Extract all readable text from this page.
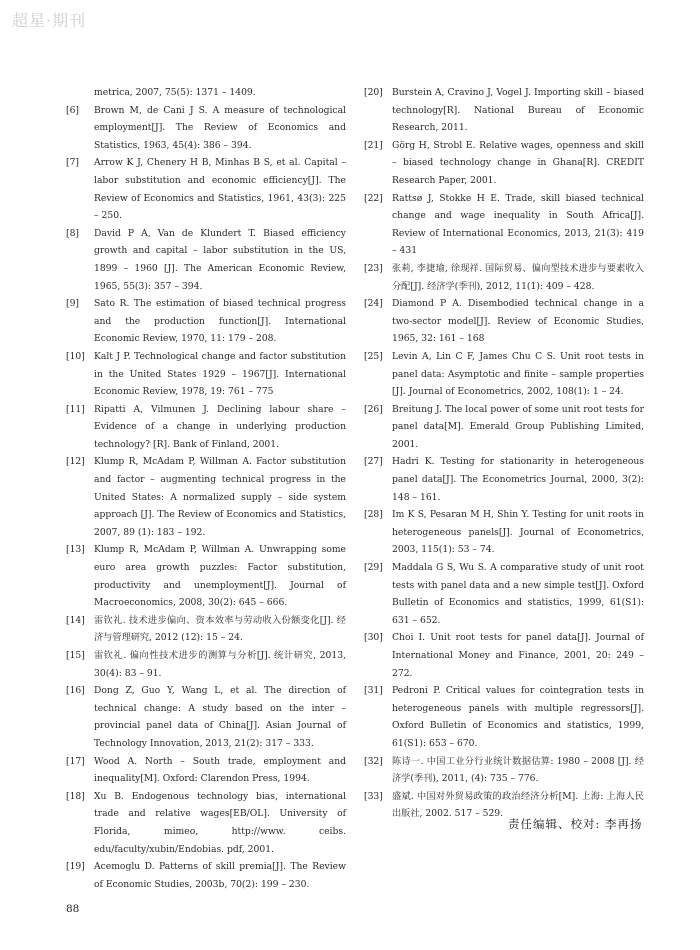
超星·期刊
metrica, 2007, 75(5): 1371 – 1409.
[6]	Brown M, de Cani J S. A measure of technological employment[J]. The Review of Economics and Statistics, 1963, 45(4): 386 – 394.
[7]	Arrow K J, Chenery H B, Minhas B S, et al. Capital – labor substitution and economic efficiency[J]. The Review of Economics and Statistics, 1961, 43(3): 225 – 250.
[8]	David P A, Van de Klundert T. Biased efficiency growth and capital – labor substitution in the US, 1899 – 1960 [J]. The American Economic Review, 1965, 55(3): 357 – 394.
[9]	Sato R. The estimation of biased technical progress and the production function[J]. International Economic Review, 1970, 11: 179 – 208.
[10] Kalt J P. Technological change and factor substitution in the United States 1929 – 1967[J]. International Economic Review, 1978, 19: 761 – 775
[11] Ripatti A, Vilmunen J. Declining labour share – Evidence of a change in underlying production technology? [R]. Bank of Finland, 2001.
[12] Klump R, McAdam P, Willman A. Factor substitution and factor – augmenting technical progress in the United States: A normalized supply – side system approach [J]. The Review of Economics and Statistics, 2007, 89 (1): 183 – 192.
[13] Klump R, McAdam P, Willman A. Unwrapping some euro area growth puzzles: Factor substitution, productivity and unemployment[J]. Journal of Macroeconomics, 2008, 30(2): 645 – 666.
[14] 雷钦礼. 技术进步偏向、资本效率与劳动收入份额变化[J]. 经济与管理研究, 2012 (12): 15 – 24.
[15] 雷钦礼. 偏向性技术进步的测算与分析[J]. 统计研究, 2013, 30(4): 83 – 91.
[16] Dong Z, Guo Y, Wang L, et al. The direction of technical change: A study based on the inter – provincial panel data of China[J]. Asian Journal of Technology Innovation, 2013, 21(2): 317 – 333.
[17] Wood A. North – South trade, employment and inequality[M]. Oxford: Clarendon Press, 1994.
[18] Xu B. Endogenous technology bias, international trade and relative wages[EB/OL]. University of Florida, mimeo, http://www. ceibs. edu/faculty/xubin/Endobias. pdf, 2001.
[19] Acemoglu D. Patterns of skill premia[J]. The Review of Economic Studies, 2003b, 70(2): 199 – 230.
[20] Burstein A, Cravino J, Vogel J. Importing skill – biased technology[R]. National Bureau of Economic Research, 2011.
[21] Görg H, Strobl E. Relative wages, openness and skill – biased technology change in Ghana[R]. CREDIT Research Paper, 2001.
[22] Rattsø J, Stokke H E. Trade, skill biased technical change and wage inequality in South Africa[J]. Review of International Economics, 2013, 21(3): 419 – 431
[23] 张莉, 李捷瑜, 徐现祥. 国际贸易、偏向型技术进步与要素收入分配[J]. 经济学(季刊), 2012, 11(1): 409 – 428.
[24] Diamond P A. Disembodied technical change in a two-sector model[J]. Review of Economic Studies, 1965, 32: 161 – 168
[25] Levin A, Lin C F, James Chu C S. Unit root tests in panel data: Asymptotic and finite – sample properties [J]. Journal of Econometrics, 2002, 108(1): 1 – 24.
[26] Breitung J. The local power of some unit root tests for panel data[M]. Emerald Group Publishing Limited, 2001.
[27] Hadri K. Testing for stationarity in heterogeneous panel data[J]. The Econometrics Journal, 2000, 3(2): 148 – 161.
[28] Im K S, Pesaran M H, Shin Y. Testing for unit roots in heterogeneous panels[J]. Journal of Econometrics, 2003, 115(1): 53 – 74.
[29] Maddala G S, Wu S. A comparative study of unit root tests with panel data and a new simple test[J]. Oxford Bulletin of Economics and statistics, 1999, 61(S1): 631 – 652.
[30] Choi I. Unit root tests for panel data[J]. Journal of International Money and Finance, 2001, 20: 249 – 272.
[31] Pedroni P. Critical values for cointegration tests in heterogeneous panels with multiple regressors[J]. Oxford Bulletin of Economics and statistics, 1999, 61(S1): 653 – 670.
[32] 陈诗一. 中国工业分行业统计数据估算: 1980 – 2008 [J]. 经济学(季刊), 2011, (4): 735 – 776.
[33] 盛斌. 中国对外贸易政策的政治经济分析[M]. 上海: 上海人民出版社, 2002. 517 – 529.
责任编辑、校对: 李再扬
88
